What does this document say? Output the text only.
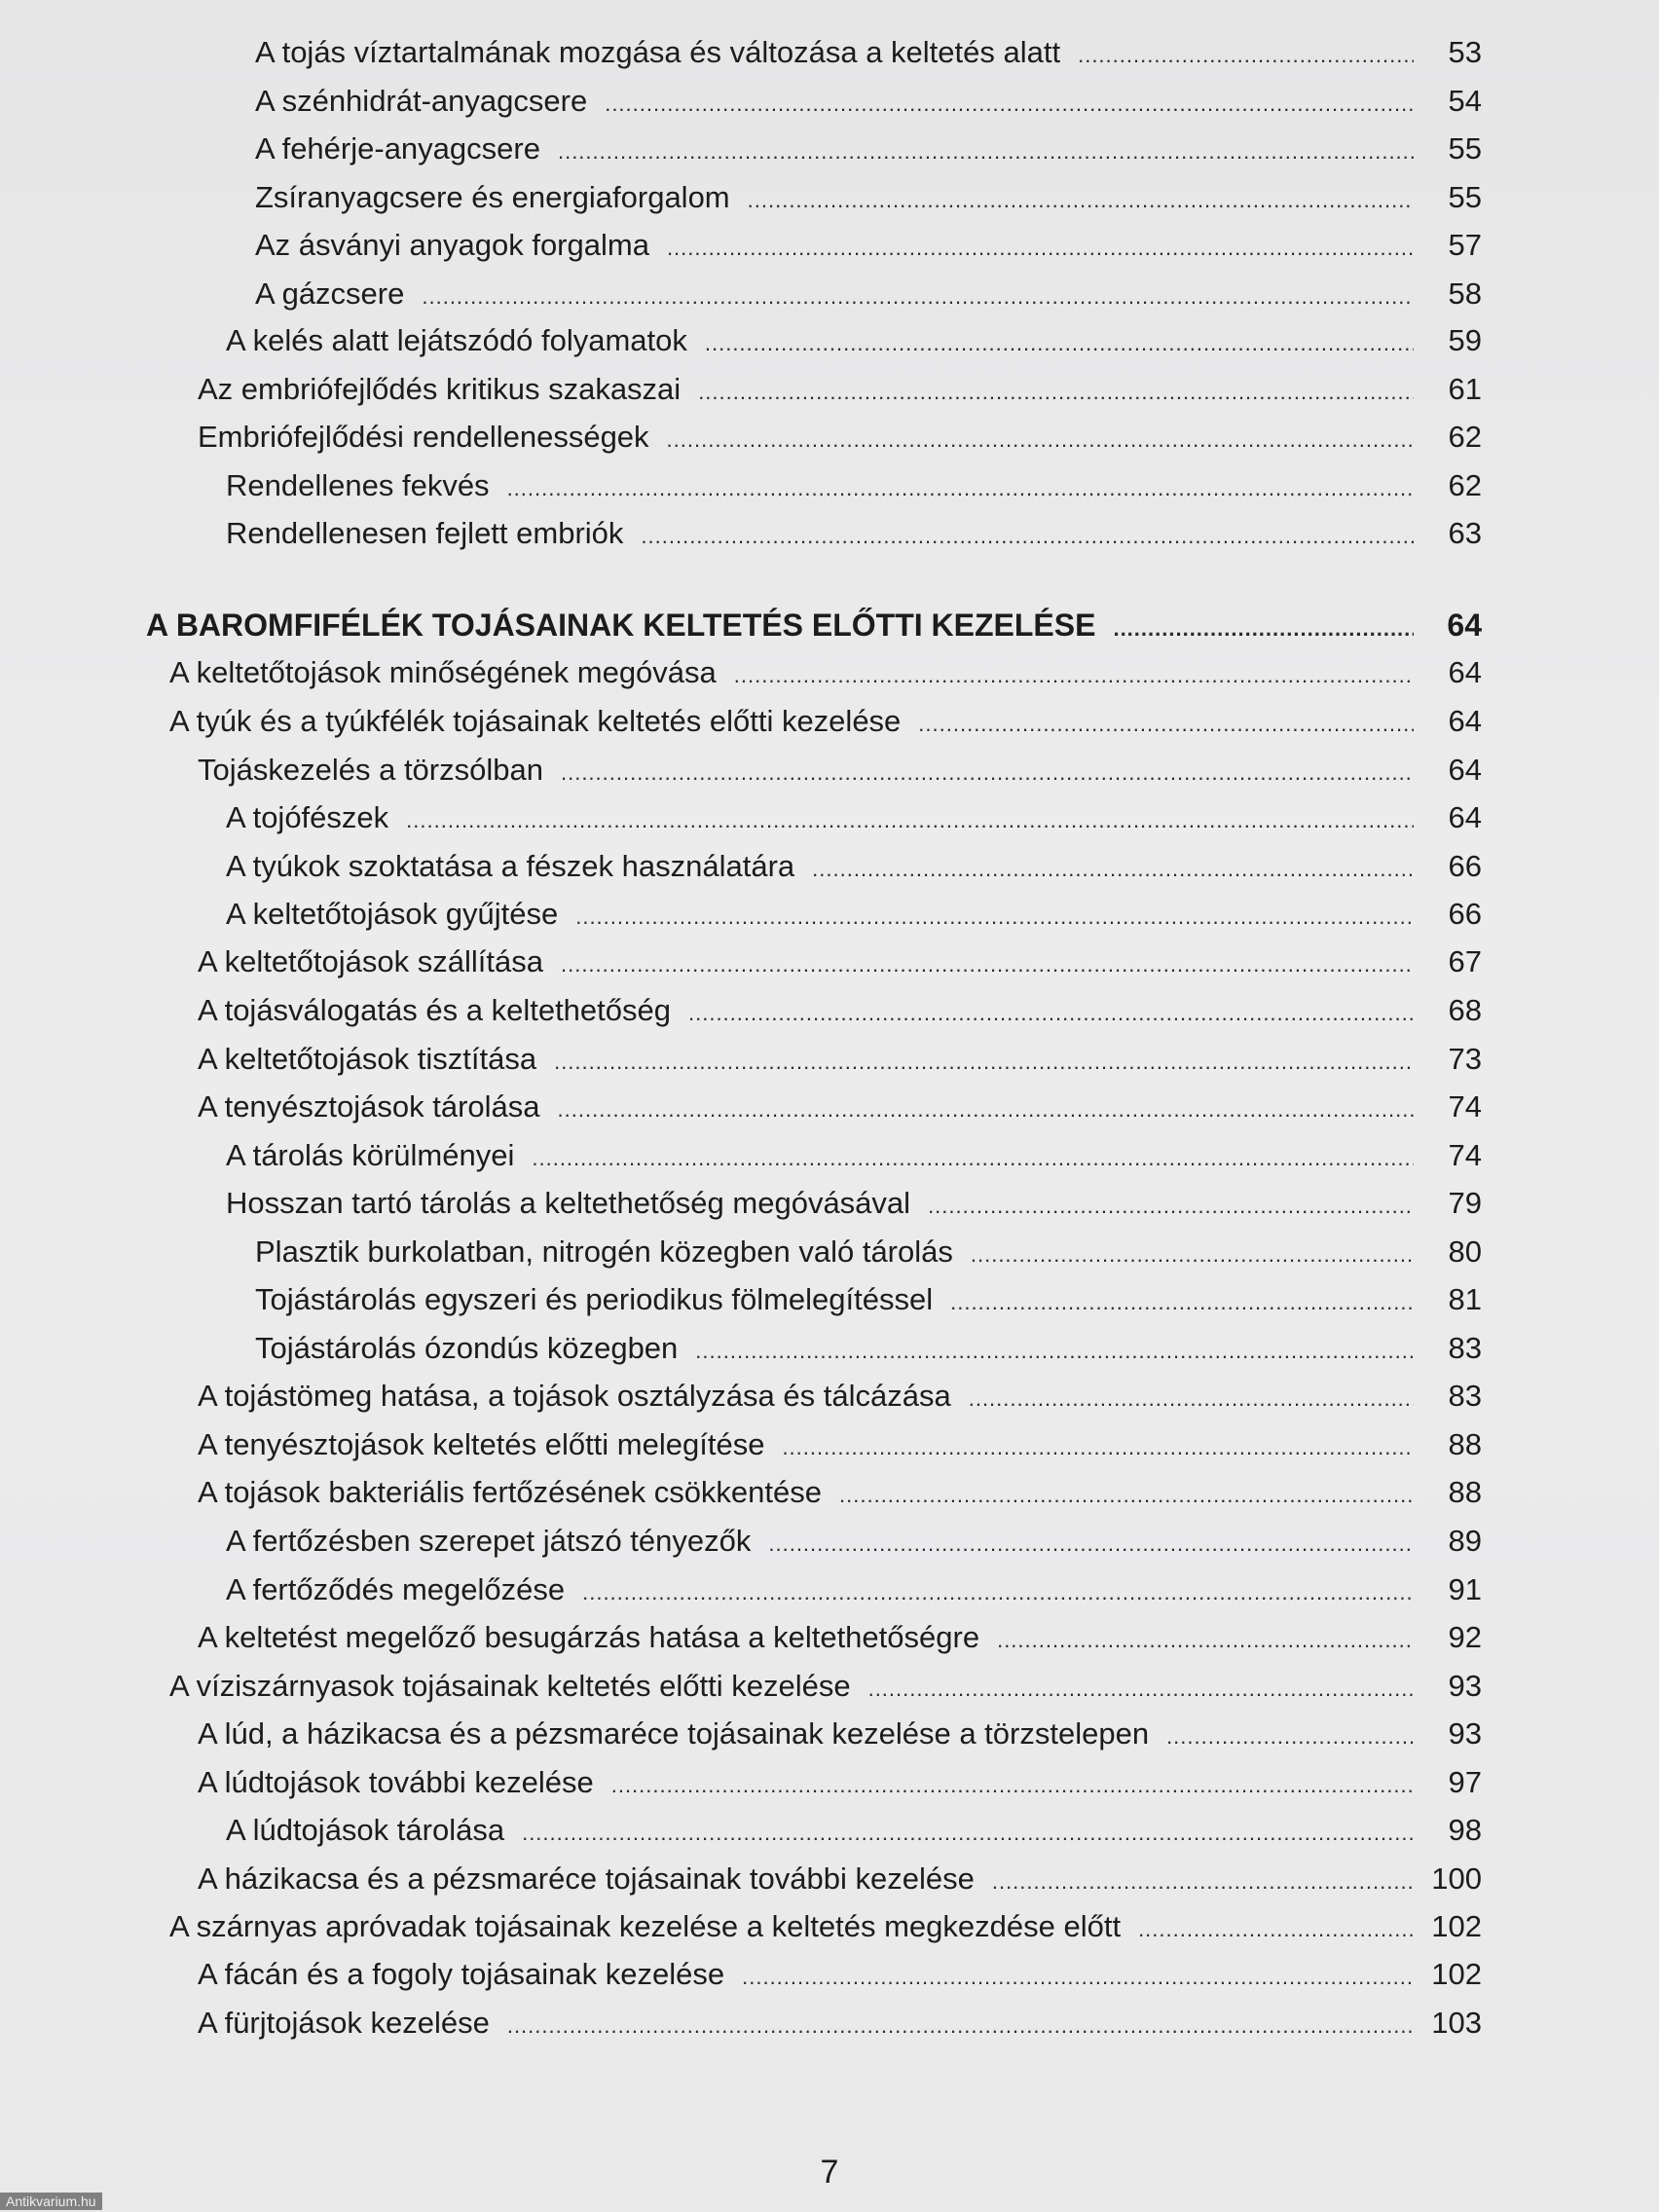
A tojás víztartalmának mozgása és változása a keltetés alatt .....	53
A szénhidrát-anyagcsere .....	54
A fehérje-anyagcsere .....	55
Zsíranyagcsere és energiaforgalom .....	55
Az ásványi anyagok forgalma .....	57
A gázcsere .....	58
A kelés alatt lejátszódó folyamatok .....	59
Az embriófejlődés kritikus szakaszai .....	61
Embriófejlődési rendellenességek .....	62
Rendellenes fekvés .....	62
Rendellenesen fejlett embriók .....	63
A BAROMFIFÉLÉK TOJÁSAINAK KELTETÉS ELŐTTI KEZELÉSE .....	64
A keltetőtojások minőségének megóvása .....	64
A tyúk és a tyúkfélék tojásainak keltetés előtti kezelése .....	64
Tojáskezelés a törzsólban .....	64
A tojófészek .....	64
A tyúkok szoktatása a fészek használatára .....	66
A keltetőtojások gyűjtése .....	66
A keltetőtojások szállítása .....	67
A tojásválogatás és a keltethetőség .....	68
A keltetőtojások tisztítása .....	73
A tenyésztojások tárolása .....	74
A tárolás körülményei .....	74
Hosszan tartó tárolás a keltethetőség megóvásával .....	79
Plasztik burkolatban, nitrogén közegben való tárolás .....	80
Tojástárolás egyszeri és periodikus fölmelegítéssel .....	81
Tojástárolás ózondús közegben .....	83
A tojástömeg hatása, a tojások osztályzása és tálcázása .....	83
A tenyésztojások keltetés előtti melegítése .....	88
A tojások bakteriális fertőzésének csökkentése .....	88
A fertőzésben szerepet játszó tényezők .....	89
A fertőződés megelőzése .....	91
A keltetést megelőző besugárzás hatása a keltethetőségre .....	92
A víziszárnyasok tojásainak keltetés előtti kezelése .....	93
A lúd, a házikacsa és a pézsmaréce tojásainak kezelése a törzstelepen .....	93
A lúdtojások további kezelése .....	97
A lúdtojások tárolása .....	98
A házikacsa és a pézsmaréce tojásainak további kezelése .....	100
A szárnyas apróvadak tojásainak kezelése a keltetés megkezdése előtt .....	102
A fácán és a fogoly tojásainak kezelése .....	102
A fürjtojások kezelése .....	103
7
Antikvarium.hu
